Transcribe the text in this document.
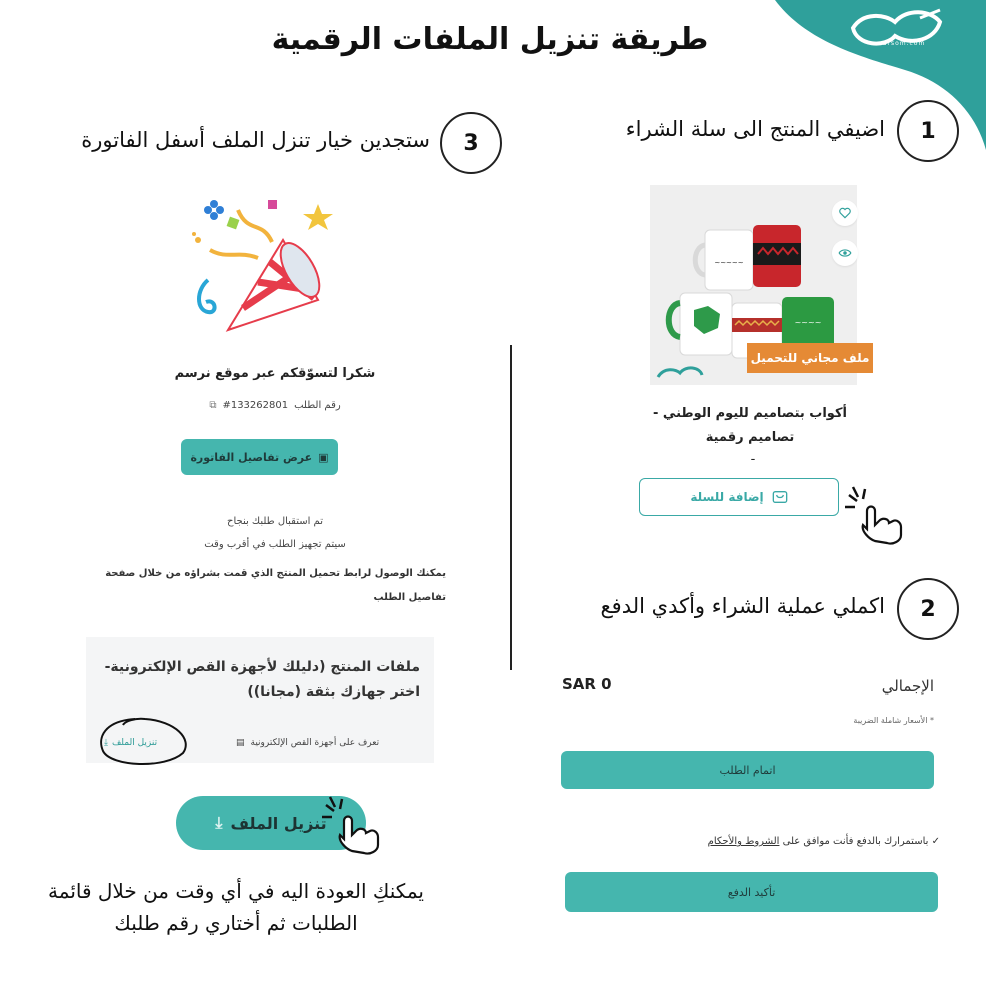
narsom.com
طريقة تنزيل الملفات الرقمية
1
اضيفي المنتج الى سلة الشراء
3
ستجدين خيار تنزل الملف أسفل الفاتورة
2
اكملي عملية الشراء وأكدي الدفع
~~~~~
~~~~
ملف مجاني للتحميل
أكواب بتصاميم لليوم الوطني - تصاميم رقمية
-
إضافة للسلة
الإجمالي
SAR 0
* الأسعار شاملة الضريبة
اتمام الطلب
✓ باستمرارك بالدفع فأنت موافق على الشروط والأحكام
تأكيد الدفع
شكرا لتسوّقكم عبر موقع نرسم
رقم الطلب
#133262801
⧉
▣
عرض تفاصيل الفاتورة
تم استقبال طلبك بنجاح
سيتم تجهيز الطلب في أقرب وقت
يمكنك الوصول لرابط تحميل المنتج الذي قمت بشراؤه من خلال صفحة تفاصيل الطلب
ملفات المنتج (دليلك لأجهزة القص الإلكترونية- اختر جهازك بثقة (مجانا))
تعرف على أجهزة القص الإلكترونية
▤
تنزيل الملف
⤓
تنزيل الملف
⤓
يمكنكِ العودة اليه في أي وقت من خلال قائمة الطلبات ثم أختاري رقم طلبك
